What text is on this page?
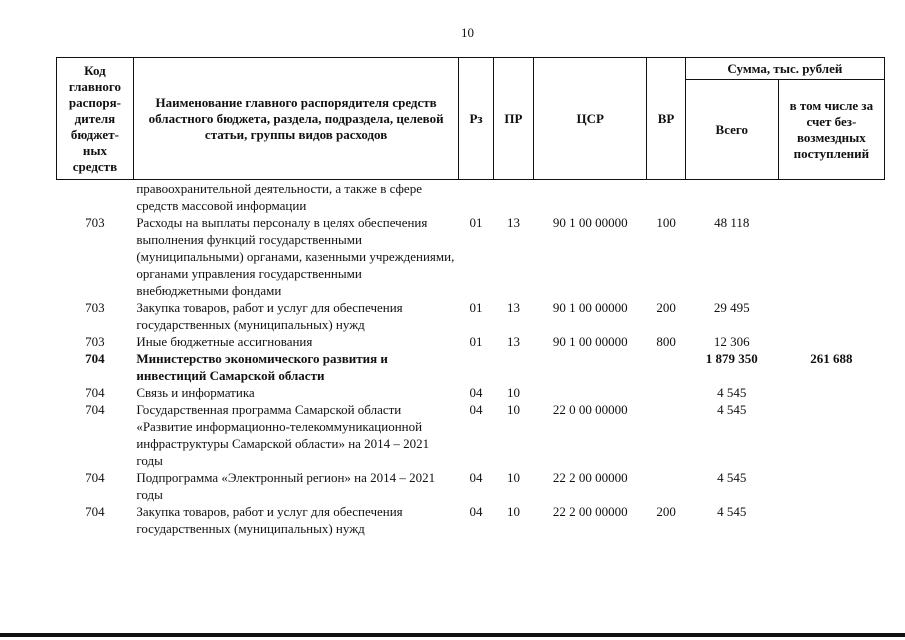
10
Код главного распоря-дителя бюджет-ных средств	Наименование главного распорядителя средств областного бюджета, раздела, подраздела, целевой статьи, группы видов расходов	Рз	ПР	ЦСР	ВР	Сумма, тыс. рублей	
						Всего	в том числе за счет без-возмездных поступлений
	правоохранительной деятельности, а также в сфере средств массовой информации						
703	Расходы на выплаты персоналу в целях обеспечения выполнения функций государственными (муниципальными) органами, казенными учреждениями, органами управления государственными внебюджетными фондами	01	13	90 1 00 00000	100	48 118	
703	Закупка товаров, работ и услуг для обеспечения государственных (муниципальных) нужд	01	13	90 1 00 00000	200	29 495	
703	Иные бюджетные ассигнования	01	13	90 1 00 00000	800	12 306	
704	Министерство экономического развития и инвестиций Самарской области					1 879 350	261 688
704	Связь и информатика	04	10			4 545	
704	Государственная программа Самарской области «Развитие информационно-телекоммуникационной инфраструктуры Самарской области» на 2014 – 2021 годы	04	10	22 0 00 00000		4 545	
704	Подпрограмма «Электронный регион» на 2014 – 2021 годы	04	10	22 2 00 00000		4 545	
704	Закупка товаров, работ и услуг для обеспечения государственных (муниципальных) нужд	04	10	22 2 00 00000	200	4 545	
